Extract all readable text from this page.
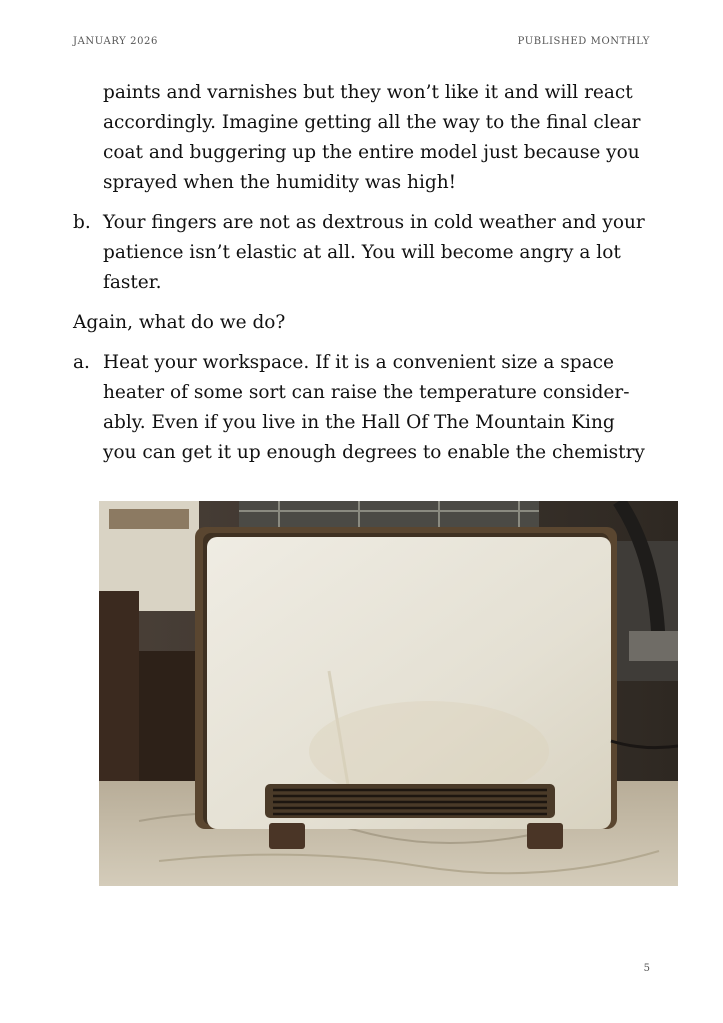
JANUARY 2026	PUBLISHED MONTHLY
paints and varnishes but they won’t like it and will react accordingly. Imagine getting all the way to the final clear coat and buggering up the entire model just because you sprayed when the humidity was high!
b. Your fingers are not as dextrous in cold weather and your patience isn’t elastic at all. You will become angry a lot faster.
Again, what do we do?
a. Heat your workspace. If it is a convenient size a space heater of some sort can raise the temperature consider-ably. Even if you live in the Hall Of The Mountain King you can get it up enough degrees to enable the chemistry
5
